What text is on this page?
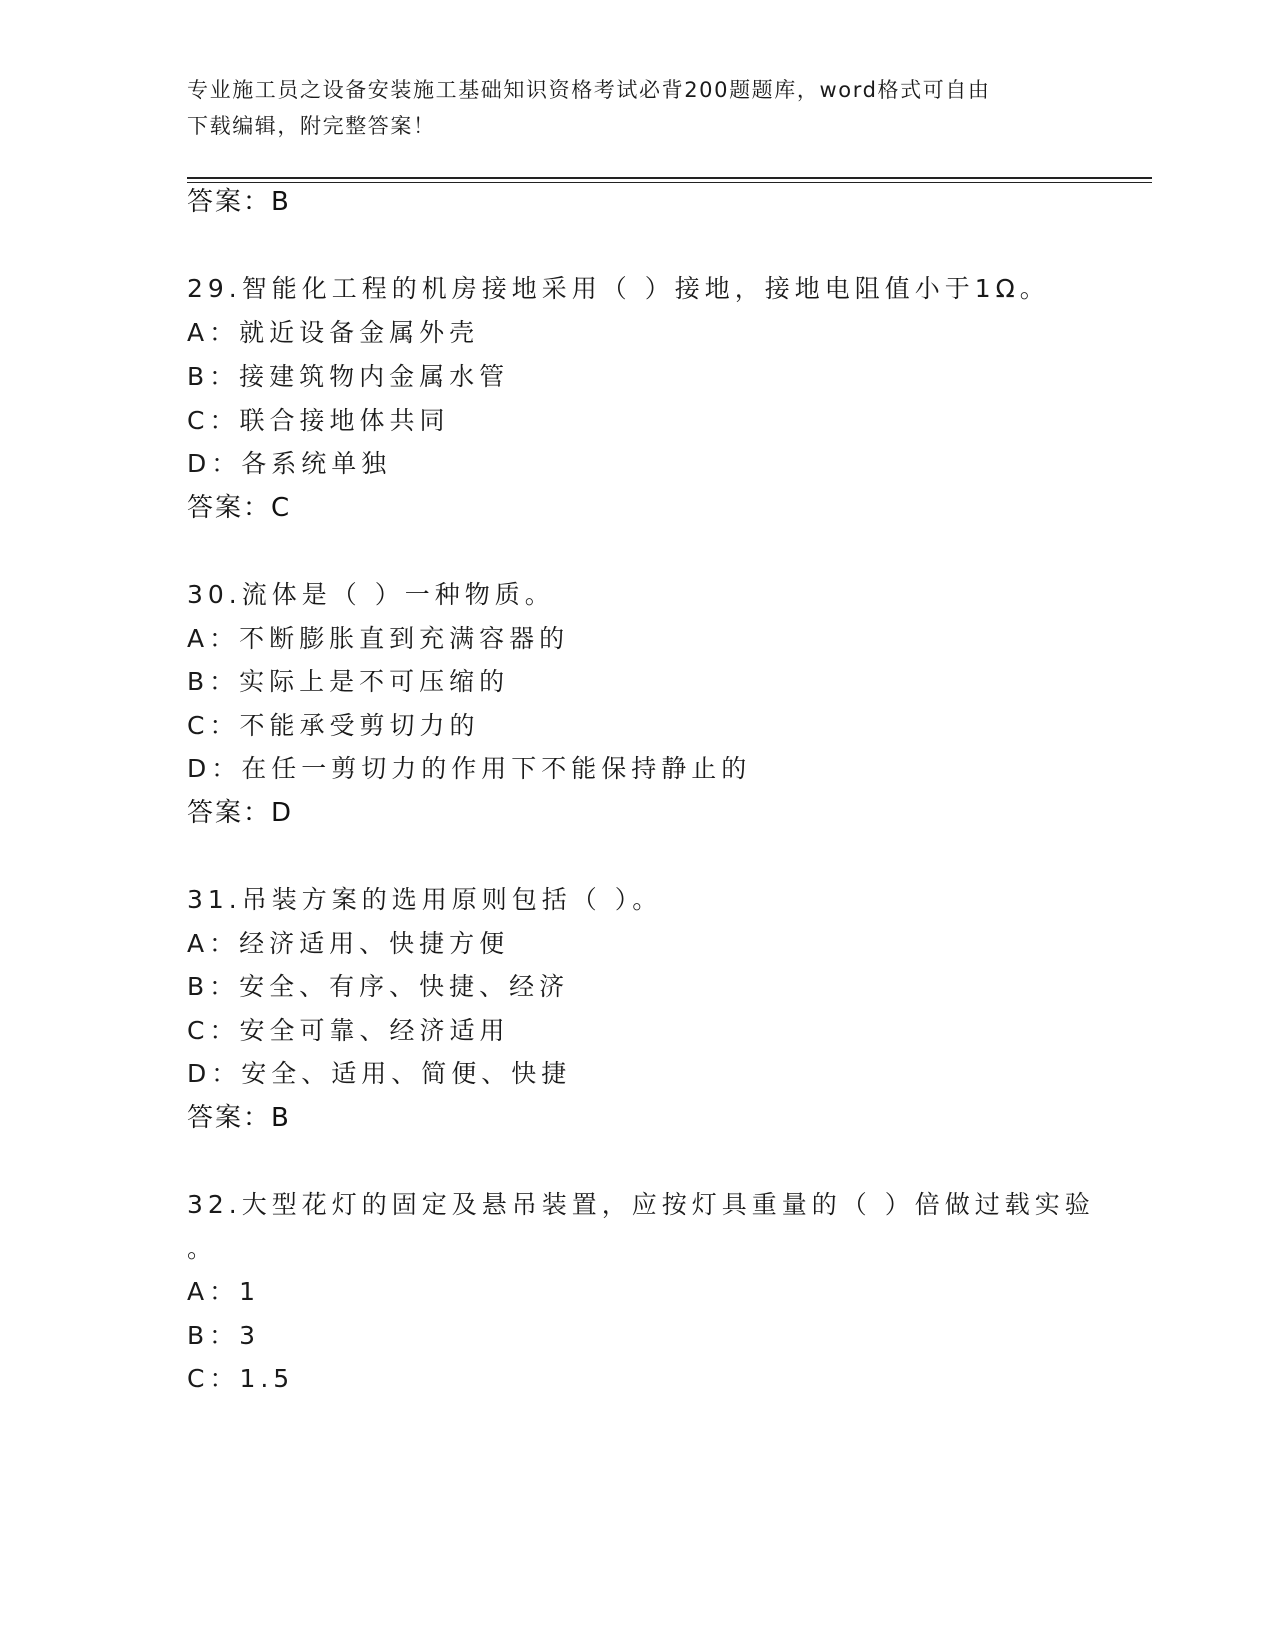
专业施工员之设备安装施工基础知识资格考试必背200题题库，word格式可自由
下载编辑，附完整答案！
答案：B
29.智能化工程的机房接地采用（ ）接地，接地电阻值小于1Ω。
A：就近设备金属外壳
B：接建筑物内金属水管
C：联合接地体共同
D：各系统单独
答案：C
30.流体是（ ）一种物质。
A：不断膨胀直到充满容器的
B：实际上是不可压缩的
C：不能承受剪切力的
D：在任一剪切力的作用下不能保持静止的
答案：D
31.吊装方案的选用原则包括（ ）。
A：经济适用、快捷方便
B：安全、有序、快捷、经济
C：安全可靠、经济适用
D：安全、适用、简便、快捷
答案：B
32.大型花灯的固定及悬吊装置，应按灯具重量的（ ）倍做过载实验
。
A：1
B：3
C：1.5
